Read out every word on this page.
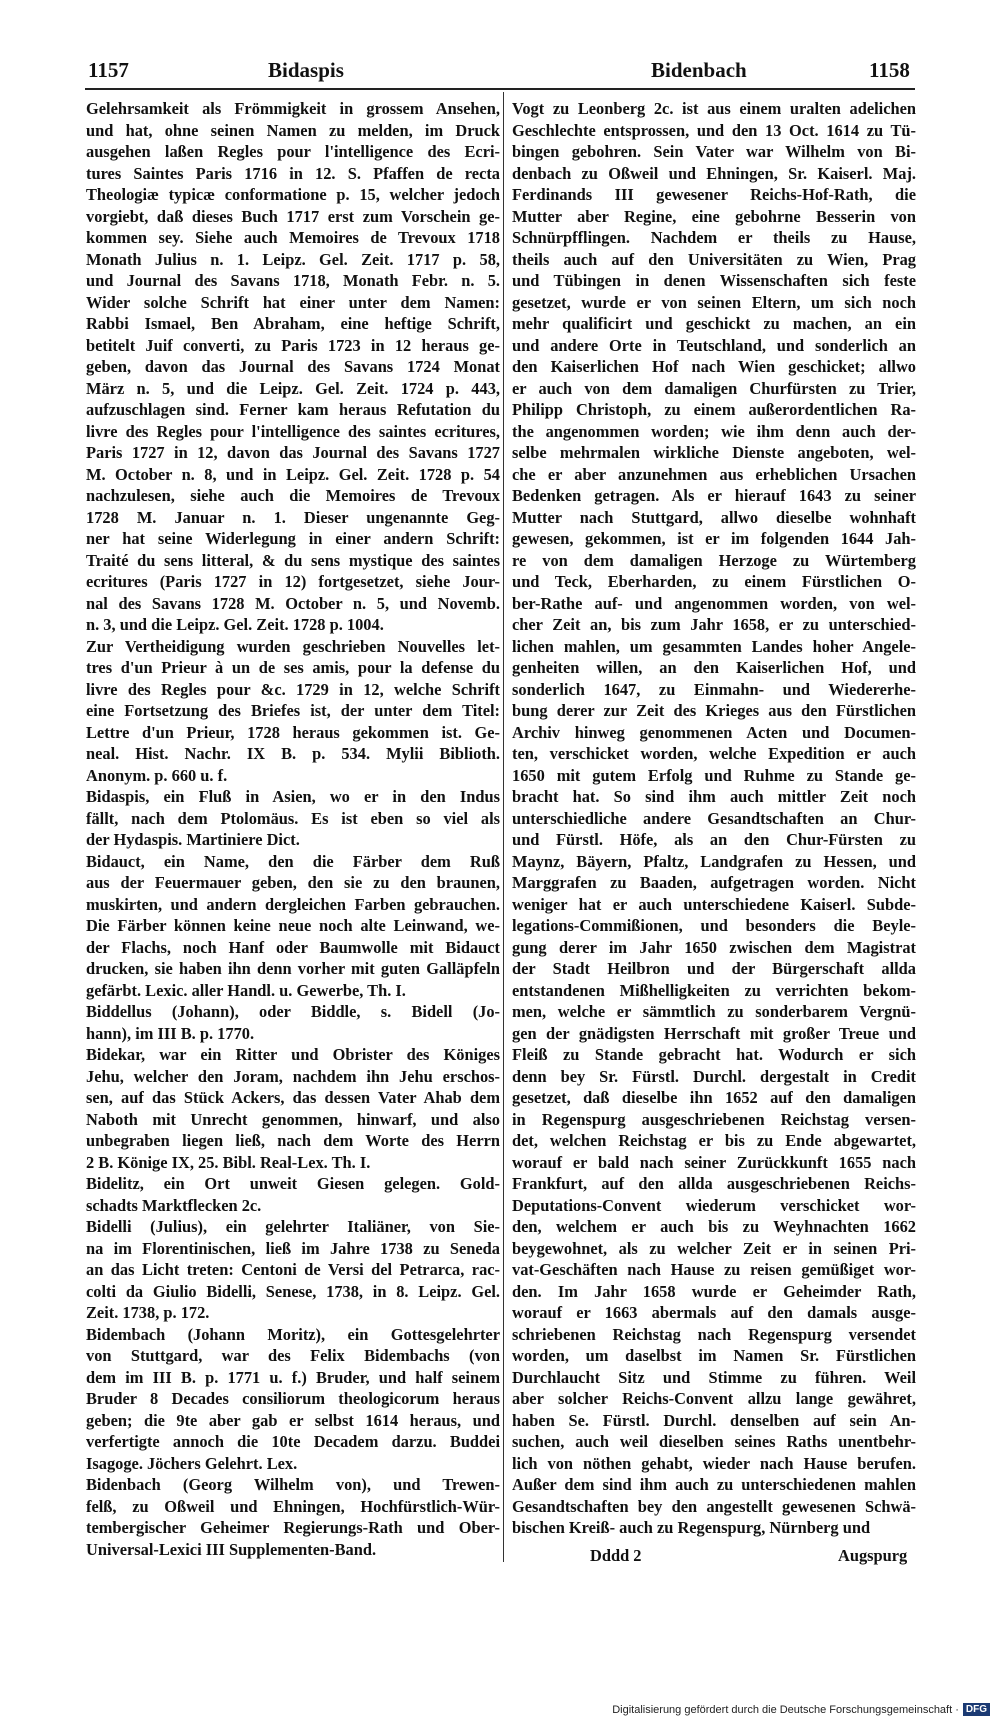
1157	Bidaspis	Bidenbach	1158
Gelehrsamkeit als Frömmigkeit in grossem Ansehen,
und hat, ohne seinen Namen zu melden, im Druck
ausgehen laßen Regles pour l'intelligence des Ecri-
tures Saintes Paris 1716 in 12. S. Pfaffen de recta
Theologiæ typicæ conformatione p. 15, welcher jedoch
vorgiebt, daß dieses Buch 1717 erst zum Vorschein ge-
kommen sey. Siehe auch Memoires de Trevoux 1718
Monath Julius n. 1. Leipz. Gel. Zeit. 1717 p. 58,
und Journal des Savans 1718, Monath Febr. n. 5.
Wider solche Schrift hat einer unter dem Namen:
Rabbi Ismael, Ben Abraham, eine heftige Schrift,
betitelt Juif converti, zu Paris 1723 in 12 heraus ge-
geben, davon das Journal des Savans 1724 Monat
März n. 5, und die Leipz. Gel. Zeit. 1724 p. 443,
aufzuschlagen sind. Ferner kam heraus Refutation du
livre des Regles pour l'intelligence des saintes ecritures,
Paris 1727 in 12, davon das Journal des Savans 1727
M. October n. 8, und in Leipz. Gel. Zeit. 1728 p. 54
nachzulesen, siehe auch die Memoires de Trevoux
1728 M. Januar n. 1. Dieser ungenannte Geg-
ner hat seine Widerlegung in einer andern Schrift:
Traité du sens litteral, & du sens mystique des saintes
ecritures (Paris 1727 in 12) fortgesetzet, siehe Jour-
nal des Savans 1728 M. October n. 5, und Novemb.
n. 3, und die Leipz. Gel. Zeit. 1728 p. 1004.
Zur Vertheidigung wurden geschrieben Nouvelles let-
tres d'un Prieur à un de ses amis, pour la defense du
livre des Regles pour &c. 1729 in 12, welche Schrift
eine Fortsetzung des Briefes ist, der unter dem Titel:
Lettre d'un Prieur, 1728 heraus gekommen ist. Ge-
neal. Hist. Nachr. IX B. p. 534. Mylii Biblioth.
Anonym. p. 660 u. f.
Bidaspis, ein Fluß in Asien, wo er in den Indus
fällt, nach dem Ptolomäus. Es ist eben so viel als
der Hydaspis. Martiniere Dict.
Bidauct, ein Name, den die Färber dem Ruß
aus der Feuermauer geben, den sie zu den braunen,
muskirten, und andern dergleichen Farben gebrauchen.
Die Färber können keine neue noch alte Leinwand, we-
der Flachs, noch Hanf oder Baumwolle mit Bidauct
drucken, sie haben ihn denn vorher mit guten Galläpfeln
gefärbt. Lexic. aller Handl. u. Gewerbe, Th. I.
Biddellus (Johann), oder Biddle, s. Bidell (Jo-
hann), im III B. p. 1770.
Bidekar, war ein Ritter und Obrister des Königes
Jehu, welcher den Joram, nachdem ihn Jehu erschos-
sen, auf das Stück Ackers, das dessen Vater Ahab dem
Naboth mit Unrecht genommen, hinwarf, und also
unbegraben liegen ließ, nach dem Worte des Herrn
2 B. Könige IX, 25. Bibl. Real-Lex. Th. I.
Bidelitz, ein Ort unweit Giesen gelegen. Gold-
schadts Marktflecken 2c.
Bidelli (Julius), ein gelehrter Italiäner, von Sie-
na im Florentinischen, ließ im Jahre 1738 zu Seneda
an das Licht treten: Centoni de Versi del Petrarca, rac-
colti da Giulio Bidelli, Senese, 1738, in 8. Leipz. Gel.
Zeit. 1738, p. 172.
Bidembach (Johann Moritz), ein Gottesgelehrter
von Stuttgard, war des Felix Bidembachs (von
dem im III B. p. 1771 u. f.) Bruder, und half seinem
Bruder 8 Decades consiliorum theologicorum heraus
geben; die 9te aber gab er selbst 1614 heraus, und
verfertigte annoch die 10te Decadem darzu. Buddei
Isagoge. Jöchers Gelehrt. Lex.
Bidenbach (Georg Wilhelm von), und Trewen-
felß, zu Oßweil und Ehningen, Hochfürstlich-Wür-
tembergischer Geheimer Regierungs-Rath und Ober-
Universal-Lexici III Supplementen-Band.
Vogt zu Leonberg 2c. ist aus einem uralten adelichen
Geschlechte entsprossen, und den 13 Oct. 1614 zu Tü-
bingen gebohren. Sein Vater war Wilhelm von Bi-
denbach zu Oßweil und Ehningen, Sr. Kaiserl. Maj.
Ferdinands III gewesener Reichs-Hof-Rath, die
Mutter aber Regine, eine gebohrne Besserin von
Schnürpfflingen. Nachdem er theils zu Hause,
theils auch auf den Universitäten zu Wien, Prag
und Tübingen in denen Wissenschaften sich feste
gesetzet, wurde er von seinen Eltern, um sich noch
mehr qualificirt und geschickt zu machen, an ein
und andere Orte in Teutschland, und sonderlich an
den Kaiserlichen Hof nach Wien geschicket; allwo
er auch von dem damaligen Churfürsten zu Trier,
Philipp Christoph, zu einem außerordentlichen Ra-
the angenommen worden; wie ihm denn auch der-
selbe mehrmalen wirkliche Dienste angeboten, wel-
che er aber anzunehmen aus erheblichen Ursachen
Bedenken getragen. Als er hierauf 1643 zu seiner
Mutter nach Stuttgard, allwo dieselbe wohnhaft
gewesen, gekommen, ist er im folgenden 1644 Jah-
re von dem damaligen Herzoge zu Würtemberg
und Teck, Eberharden, zu einem Fürstlichen O-
ber-Rathe auf- und angenommen worden, von wel-
cher Zeit an, bis zum Jahr 1658, er zu unterschied-
lichen mahlen, um gesammten Landes hoher Angele-
genheiten willen, an den Kaiserlichen Hof, und
sonderlich 1647, zu Einmahn- und Wiedererhe-
bung derer zur Zeit des Krieges aus den Fürstlichen
Archiv hinweg genommenen Acten und Documen-
ten, verschicket worden, welche Expedition er auch
1650 mit gutem Erfolg und Ruhme zu Stande ge-
bracht hat. So sind ihm auch mittler Zeit noch
unterschiedliche andere Gesandtschaften an Chur-
und Fürstl. Höfe, als an den Chur-Fürsten zu
Maynz, Bäyern, Pfaltz, Landgrafen zu Hessen, und
Marggrafen zu Baaden, aufgetragen worden. Nicht
weniger hat er auch unterschiedene Kaiserl. Subde-
legations-Commißionen, und besonders die Beyle-
gung derer im Jahr 1650 zwischen dem Magistrat
der Stadt Heilbron und der Bürgerschaft allda
entstandenen Mißhelligkeiten zu verrichten bekom-
men, welche er sämmtlich zu sonderbarem Vergnü-
gen der gnädigsten Herrschaft mit großer Treue und
Fleiß zu Stande gebracht hat. Wodurch er sich
denn bey Sr. Fürstl. Durchl. dergestalt in Credit
gesetzet, daß dieselbe ihn 1652 auf den damaligen
in Regenspurg ausgeschriebenen Reichstag versen-
det, welchen Reichstag er bis zu Ende abgewartet,
worauf er bald nach seiner Zurückkunft 1655 nach
Frankfurt, auf den allda ausgeschriebenen Reichs-
Deputations-Convent wiederum verschicket wor-
den, welchem er auch bis zu Weyhnachten 1662
beygewohnet, als zu welcher Zeit er in seinen Pri-
vat-Geschäften nach Hause zu reisen gemüßiget wor-
den. Im Jahr 1658 wurde er Geheimder Rath,
worauf er 1663 abermals auf den damals ausge-
schriebenen Reichstag nach Regenspurg versendet
worden, um daselbst im Namen Sr. Fürstlichen
Durchlaucht Sitz und Stimme zu führen. Weil
aber solcher Reichs-Convent allzu lange gewähret,
haben Se. Fürstl. Durchl. denselben auf sein An-
suchen, auch weil dieselben seines Raths unentbehr-
lich von nöthen gehabt, wieder nach Hause berufen.
Außer dem sind ihm auch zu unterschiedenen mahlen
Gesandtschaften bey den angestellt gewesenen Schwä-
bischen Kreiß- auch zu Regenspurg, Nürnberg und
Dddd 2	Augspurg
Digitalisierung gefördert durch die Deutsche Forschungsgemeinschaft · DFG
